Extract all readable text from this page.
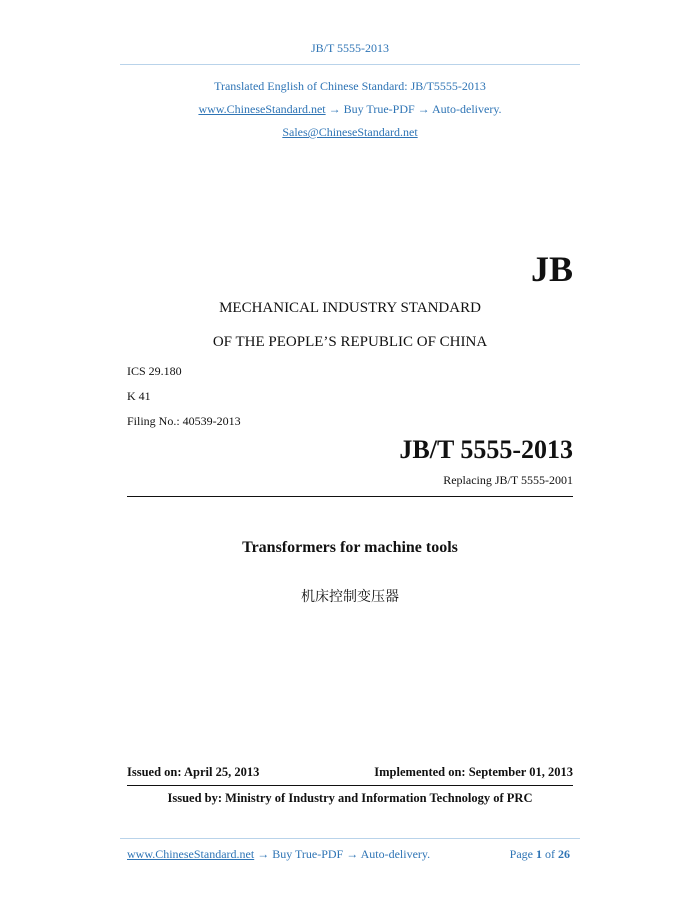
JB/T 5555-2013
Translated English of Chinese Standard: JB/T5555-2013
www.ChineseStandard.net → Buy True-PDF → Auto-delivery.
Sales@ChineseStandard.net
JB
MECHANICAL INDUSTRY STANDARD
OF THE PEOPLE’S REPUBLIC OF CHINA
ICS 29.180
K 41
Filing No.: 40539-2013
JB/T 5555-2013
Replacing JB/T 5555-2001
Transformers for machine tools
机床控制变压器
Issued on: April 25, 2013	Implemented on: September 01, 2013
Issued by: Ministry of Industry and Information Technology of PRC
www.ChineseStandard.net → Buy True-PDF → Auto-delivery.	Page 1 of 26
